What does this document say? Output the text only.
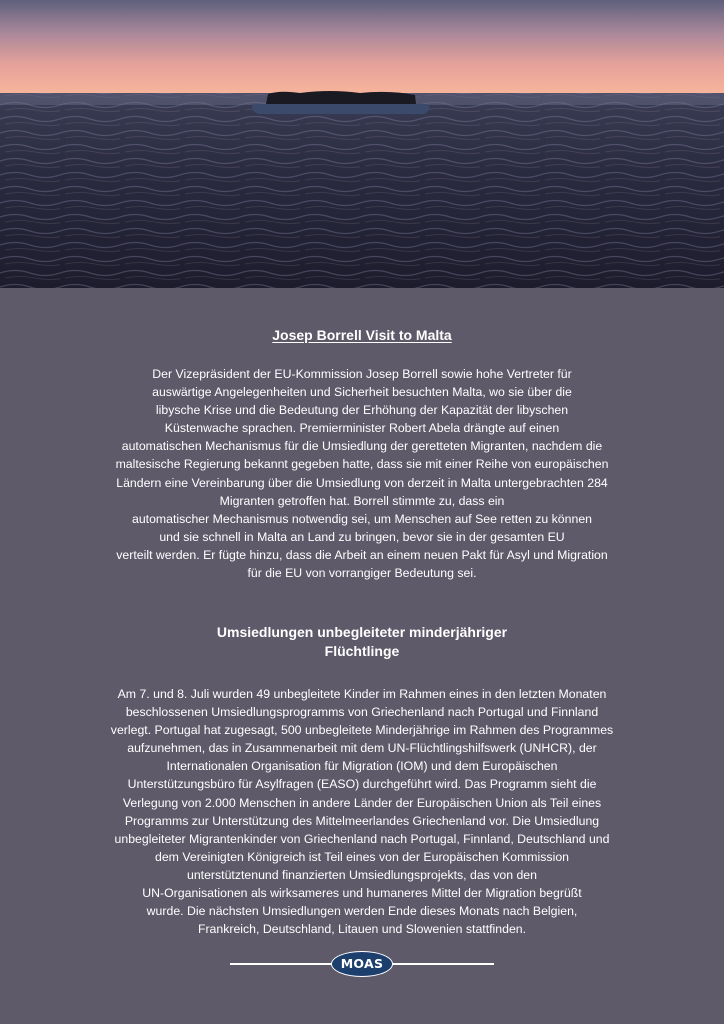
Josep Borrell Visit to Malta

Der Vizepräsident der EU-Kommission Josep Borrell sowie hohe Vertreter für
auswärtige Angelegenheiten und Sicherheit besuchten Malta, wo sie über die
libysche Krise und die Bedeutung der Erhöhung der Kapazität der libyschen
Küstenwache sprachen. Premierminister Robert Abela drängte auf einen
automatischen Mechanismus für die Umsiedlung der geretteten Migranten, nachdem die
maltesische Regierung bekannt gegeben hatte, dass sie mit einer Reihe von europäischen
Ländern eine Vereinbarung über die Umsiedlung von derzeit in Malta untergebrachten 284
Migranten getroffen hat. Borrell stimmte zu, dass ein
automatischer Mechanismus notwendig sei, um Menschen auf See retten zu können
und sie schnell in Malta an Land zu bringen, bevor sie in der gesamten EU
verteilt werden. Er fügte hinzu, dass die Arbeit an einem neuen Pakt für Asyl und Migration
für die EU von vorrangiger Bedeutung sei.

Umsiedlungen unbegleiteter minderjähriger
Flüchtlinge

Am 7. und 8. Juli wurden 49 unbegleitete Kinder im Rahmen eines in den letzten Monaten
beschlossenen Umsiedlungsprogramms von Griechenland nach Portugal und Finnland
verlegt. Portugal hat zugesagt, 500 unbegleitete Minderjährige im Rahmen des Programmes
aufzunehmen, das in Zusammenarbeit mit dem UN-Flüchtlingshilfswerk (UNHCR), der
Internationalen Organisation für Migration (IOM) und dem Europäischen
Unterstützungsbüro für Asylfragen (EASO) durchgeführt wird. Das Programm sieht die
Verlegung von 2.000 Menschen in andere Länder der Europäischen Union als Teil eines
Programms zur Unterstützung des Mittelmeerlandes Griechenland vor. Die Umsiedlung
unbegleiteter Migrantenkinder von Griechenland nach Portugal, Finnland, Deutschland und
dem Vereinigten Königreich ist Teil eines von der Europäischen Kommission
unterstütztenund finanzierten Umsiedlungsprojekts, das von den
UN-Organisationen als wirksameres und humaneres Mittel der Migration begrüßt
wurde. Die nächsten Umsiedlungen werden Ende dieses Monats nach Belgien,
Frankreich, Deutschland, Litauen und Slowenien stattfinden.

MOAS
